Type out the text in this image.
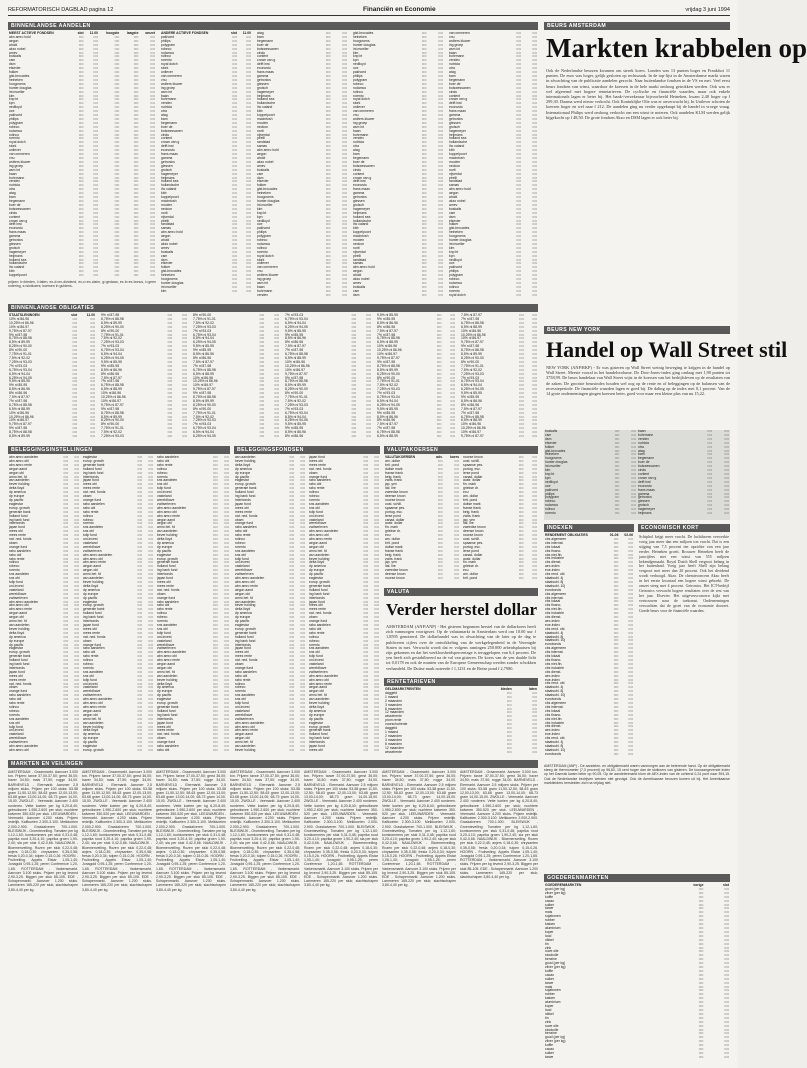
REFORMATORISCH DAGBLAD pagina 12	Financiën en Economie	vrijdag 3 juni 1994
BINNENLANDSE AANDELEN
MEEST ACTIEVE FONDSEN	slot	11.00	hoogste	laagste	omzet
abn amro hold	••••	••••	••••	••••	••••
aegon	••••	••••	••••	••••	••••
ahold	••••	••••	••••	••••	••••
akzo nobel	••••	••••	••••	••••	••••
amev	••••	••••	••••	••••	••••
boskalis	••••	••••	••••	••••	••••
csm	••••	••••	••••	••••	••••
dsm	••••	••••	••••	••••	••••
elsevier	••••	••••	••••	••••	••••
fokker	••••	••••	••••	••••	••••
gist-brocades	••••	••••	••••	••••	••••
heineken	••••	••••	••••	••••	••••
hoogovens	••••	••••	••••	••••	••••
hunter douglas	••••	••••	••••	••••	••••
int.mueller	••••	••••	••••	••••	••••
klm	••••	••••	••••	••••	••••
knp bt	••••	••••	••••	••••	••••
kpn	••••	••••	••••	••••	••••
nedlloyd	••••	••••	••••	••••	••••
oce	••••	••••	••••	••••	••••
pakhoed	••••	••••	••••	••••	••••
philips	••••	••••	••••	••••	••••
polygram	••••	••••	••••	••••	••••
robeco	••••	••••	••••	••••	••••
rodamco	••••	••••	••••	••••	••••
rolinco	••••	••••	••••	••••	••••
rorento	••••	••••	••••	••••	••••
royal dutch	••••	••••	••••	••••	••••
stork	••••	••••	••••	••••	••••
unilever	••••	••••	••••	••••	••••
van ommeren	••••	••••	••••	••••	••••
vnu	••••	••••	••••	••••	••••
wolters kluwer	••••	••••	••••	••••	••••
ing groep	••••	••••	••••	••••	••••
asm int	••••	••••	••••	••••	••••
baan	••••	••••	••••	••••	••••
buhrmann	••••	••••	••••	••••	••••
vendex	••••	••••	••••	••••	••••
nutricia	••••	••••	••••	••••	••••
otra	••••	••••	••••	••••	••••
atag	••••	••••	••••	••••	••••
bam	••••	••••	••••	••••	••••
begemann	••••	••••	••••	••••	••••
boer de	••••	••••	••••	••••	••••
bolswessanen	••••	••••	••••	••••	••••
cindu	••••	••••	••••	••••	••••
content	••••	••••	••••	••••	••••
crown van g	••••	••••	••••	••••	••••
delft inst	••••	••••	••••	••••	••••
econosto	••••	••••	••••	••••	••••
frans maas	••••	••••	••••	••••	••••
gamma	••••	••••	••••	••••	••••
getronics	••••	••••	••••	••••	••••
giessen	••••	••••	••••	••••	••••
grolsch	••••	••••	••••	••••	••••
hagemeyer	••••	••••	••••	••••	••••
heijmans	••••	••••	••••	••••	••••
holland sea	••••	••••	••••	••••	••••
hollandsche	••••	••••	••••	••••	••••
ihc caland	••••	••••	••••	••••	••••
kbb	••••	••••	••••	••••	••••
koppelpoort	••••	••••	••••	••••	••••
ANDERE ACTIEVE FONDSEN	slot	11.00
pakhoed	••••	••••
philips	••••	••••
polygram	••••	••••
robeco	••••	••••
rodamco	••••	••••
rolinco	••••	••••
rorento	••••	••••
royal dutch	••••	••••
stork	••••	••••
unilever	••••	••••
van ommeren	••••	••••
vnu	••••	••••
wolters kluwer	••••	••••
ing groep	••••	••••
asm int	••••	••••
baan	••••	••••
buhrmann	••••	••••
vendex	••••	••••
nutricia	••••	••••
otra	••••	••••
atag	••••	••••
bam	••••	••••
begemann	••••	••••
boer de	••••	••••
bolswessanen	••••	••••
cindu	••••	••••
content	••••	••••
crown van g	••••	••••
delft inst	••••	••••
econosto	••••	••••
frans maas	••••	••••
gamma	••••	••••
getronics	••••	••••
giessen	••••	••••
grolsch	••••	••••
hagemeyer	••••	••••
heijmans	••••	••••
holland sea	••••	••••
hollandsche	••••	••••
ihc caland	••••	••••
kbb	••••	••••
koppelpoort	••••	••••
macintosh	••••	••••
moolen	••••	••••
nedcon	••••	••••
norit	••••	••••
nijverdal	••••	••••
pirelli	••••	••••
randstad	••••	••••
samas	••••	••••
abn amro hold	••••	••••
aegon	••••	••••
ahold	••••	••••
akzo nobel	••••	••••
amev	••••	••••
boskalis	••••	••••
csm	••••	••••
dsm	••••	••••
elsevier	••••	••••
fokker	••••	••••
gist-brocades	••••	••••
heineken	••••	••••
hoogovens	••••	••••
hunter douglas	••••	••••
int.mueller	••••	••••
klm	••••	••••
atag	••••	••••
bam	••••	••••
begemann	••••	••••
boer de	••••	••••
bolswessanen	••••	••••
cindu	••••	••••
content	••••	••••
crown van g	••••	••••
delft inst	••••	••••
econosto	••••	••••
frans maas	••••	••••
gamma	••••	••••
getronics	••••	••••
giessen	••••	••••
grolsch	••••	••••
hagemeyer	••••	••••
heijmans	••••	••••
holland sea	••••	••••
hollandsche	••••	••••
ihc caland	••••	••••
kbb	••••	••••
koppelpoort	••••	••••
macintosh	••••	••••
moolen	••••	••••
nedcon	••••	••••
norit	••••	••••
nijverdal	••••	••••
pirelli	••••	••••
randstad	••••	••••
samas	••••	••••
abn amro hold	••••	••••
aegon	••••	••••
ahold	••••	••••
akzo nobel	••••	••••
amev	••••	••••
boskalis	••••	••••
csm	••••	••••
dsm	••••	••••
elsevier	••••	••••
fokker	••••	••••
gist-brocades	••••	••••
heineken	••••	••••
hoogovens	••••	••••
hunter douglas	••••	••••
int.mueller	••••	••••
klm	••••	••••
knp bt	••••	••••
kpn	••••	••••
nedlloyd	••••	••••
oce	••••	••••
pakhoed	••••	••••
philips	••••	••••
polygram	••••	••••
robeco	••••	••••
rodamco	••••	••••
rolinco	••••	••••
rorento	••••	••••
royal dutch	••••	••••
stork	••••	••••
unilever	••••	••••
van ommeren	••••	••••
vnu	••••	••••
wolters kluwer	••••	••••
ing groep	••••	••••
asm int	••••	••••
baan	••••	••••
buhrmann	••••	••••
vendex	••••	••••
gist-brocades	••••	••••
heineken	••••	••••
hoogovens	••••	••••
hunter douglas	••••	••••
int.mueller	••••	••••
klm	••••	••••
knp bt	••••	••••
kpn	••••	••••
nedlloyd	••••	••••
oce	••••	••••
pakhoed	••••	••••
philips	••••	••••
polygram	••••	••••
robeco	••••	••••
rodamco	••••	••••
rolinco	••••	••••
rorento	••••	••••
royal dutch	••••	••••
stork	••••	••••
unilever	••••	••••
van ommeren	••••	••••
vnu	••••	••••
wolters kluwer	••••	••••
ing groep	••••	••••
asm int	••••	••••
baan	••••	••••
buhrmann	••••	••••
vendex	••••	••••
nutricia	••••	••••
otra	••••	••••
atag	••••	••••
bam	••••	••••
begemann	••••	••••
boer de	••••	••••
bolswessanen	••••	••••
cindu	••••	••••
content	••••	••••
crown van g	••••	••••
delft inst	••••	••••
econosto	••••	••••
frans maas	••••	••••
gamma	••••	••••
getronics	••••	••••
giessen	••••	••••
grolsch	••••	••••
hagemeyer	••••	••••
heijmans	••••	••••
holland sea	••••	••••
hollandsche	••••	••••
ihc caland	••••	••••
kbb	••••	••••
koppelpoort	••••	••••
macintosh	••••	••••
moolen	••••	••••
nedcon	••••	••••
norit	••••	••••
nijverdal	••••	••••
pirelli	••••	••••
randstad	••••	••••
samas	••••	••••
abn amro hold	••••	••••
aegon	••••	••••
ahold	••••	••••
akzo nobel	••••	••••
amev	••••	••••
boskalis	••••	••••
csm	••••	••••
dsm	••••	••••
van ommeren	••••	••••
vnu	••••	••••
wolters kluwer	••••	••••
ing groep	••••	••••
asm int	••••	••••
baan	••••	••••
buhrmann	••••	••••
vendex	••••	••••
nutricia	••••	••••
otra	••••	••••
atag	••••	••••
bam	••••	••••
begemann	••••	••••
boer de	••••	••••
bolswessanen	••••	••••
cindu	••••	••••
content	••••	••••
crown van g	••••	••••
delft inst	••••	••••
econosto	••••	••••
frans maas	••••	••••
gamma	••••	••••
getronics	••••	••••
giessen	••••	••••
grolsch	••••	••••
hagemeyer	••••	••••
heijmans	••••	••••
holland sea	••••	••••
hollandsche	••••	••••
ihc caland	••••	••••
kbb	••••	••••
koppelpoort	••••	••••
macintosh	••••	••••
moolen	••••	••••
nedcon	••••	••••
norit	••••	••••
nijverdal	••••	••••
pirelli	••••	••••
randstad	••••	••••
samas	••••	••••
abn amro hold	••••	••••
aegon	••••	••••
ahold	••••	••••
akzo nobel	••••	••••
amev	••••	••••
boskalis	••••	••••
csm	••••	••••
dsm	••••	••••
elsevier	••••	••••
fokker	••••	••••
gist-brocades	••••	••••
heineken	••••	••••
hoogovens	••••	••••
hunter douglas	••••	••••
int.mueller	••••	••••
klm	••••	••••
knp bt	••••	••••
kpn	••••	••••
nedlloyd	••••	••••
oce	••••	••••
pakhoed	••••	••••
philips	••••	••••
polygram	••••	••••
robeco	••••	••••
rodamco	••••	••••
rolinco	••••	••••
rorento	••••	••••
royal dutch	••••	••••
prijzen: b=bieden, l=laten, ex-d=ex-dividend, ex-c=ex-claim, g=gedaan, ex-b=ex-bonus, t=geen notering, s=slotkoers; koersen in guldens.
BINNENLANDSE OBLIGATIES
STAATSLENINGEN	slot	11.00
10% nl 86-96	••••	••••
10,25% nl 86-96	••••	••••
10% nl 86-97	••••	••••
9,75% nl 87-97	••••	••••
9% nl 87-98	••••	••••
8,75% nl 88-98	••••	••••
8,5% nl 89-99	••••	••••
8,25% nl 90-00	••••	••••
8% nl 90-00	••••	••••
7,75% nl 91-01	••••	••••
7,5% nl 92-02	••••	••••
7,25% nl 93-03	••••	••••
7% nl 93-03	••••	••••
6,75% nl 93-04	••••	••••
6,5% nl 94-04	••••	••••
6,25% nl 94-05	••••	••••
9,5% nl 85-95	••••	••••
9% nl 85-95	••••	••••
8,5% nl 86-96	••••	••••
8% nl 86-96	••••	••••
7,5% nl 87-97	••••	••••
7% nl 87-98	••••	••••
6,75% nl 88-98	••••	••••
6,5% nl 88-99	••••	••••
10% nl 86-96	••••	••••
10,25% nl 86-96	••••	••••
10% nl 86-97	••••	••••
9,75% nl 87-97	••••	••••
9% nl 87-98	••••	••••
8,75% nl 88-98	••••	••••
8,5% nl 89-99	••••	••••
9% nl 87-98	••••	••••
8,75% nl 88-98	••••	••••
8,5% nl 89-99	••••	••••
8,25% nl 90-00	••••	••••
8% nl 90-00	••••	••••
7,75% nl 91-01	••••	••••
7,5% nl 92-02	••••	••••
7,25% nl 93-03	••••	••••
7% nl 93-03	••••	••••
6,75% nl 93-04	••••	••••
6,5% nl 94-04	••••	••••
6,25% nl 94-05	••••	••••
9,5% nl 85-95	••••	••••
9% nl 85-95	••••	••••
8,5% nl 86-96	••••	••••
8% nl 86-96	••••	••••
7,5% nl 87-97	••••	••••
7% nl 87-98	••••	••••
6,75% nl 88-98	••••	••••
6,5% nl 88-99	••••	••••
10% nl 86-96	••••	••••
10,25% nl 86-96	••••	••••
10% nl 86-97	••••	••••
9,75% nl 87-97	••••	••••
9% nl 87-98	••••	••••
8,75% nl 88-98	••••	••••
8,5% nl 89-99	••••	••••
8,25% nl 90-00	••••	••••
8% nl 90-00	••••	••••
7,75% nl 91-01	••••	••••
7,5% nl 92-02	••••	••••
7,25% nl 93-03	••••	••••
8% nl 90-00	••••	••••
7,75% nl 91-01	••••	••••
7,5% nl 92-02	••••	••••
7,25% nl 93-03	••••	••••
7% nl 93-03	••••	••••
6,75% nl 93-04	••••	••••
6,5% nl 94-04	••••	••••
6,25% nl 94-05	••••	••••
9,5% nl 85-95	••••	••••
9% nl 85-95	••••	••••
8,5% nl 86-96	••••	••••
8% nl 86-96	••••	••••
7,5% nl 87-97	••••	••••
7% nl 87-98	••••	••••
6,75% nl 88-98	••••	••••
6,5% nl 88-99	••••	••••
10% nl 86-96	••••	••••
10,25% nl 86-96	••••	••••
10% nl 86-97	••••	••••
9,75% nl 87-97	••••	••••
9% nl 87-98	••••	••••
8,75% nl 88-98	••••	••••
8,5% nl 89-99	••••	••••
8,25% nl 90-00	••••	••••
8% nl 90-00	••••	••••
7,75% nl 91-01	••••	••••
7,5% nl 92-02	••••	••••
7,25% nl 93-03	••••	••••
7% nl 93-03	••••	••••
6,75% nl 93-04	••••	••••
6,5% nl 94-04	••••	••••
6,25% nl 94-05	••••	••••
7% nl 93-03	••••	••••
6,75% nl 93-04	••••	••••
6,5% nl 94-04	••••	••••
6,25% nl 94-05	••••	••••
9,5% nl 85-95	••••	••••
9% nl 85-95	••••	••••
8,5% nl 86-96	••••	••••
8% nl 86-96	••••	••••
7,5% nl 87-97	••••	••••
7% nl 87-98	••••	••••
6,75% nl 88-98	••••	••••
6,5% nl 88-99	••••	••••
10% nl 86-96	••••	••••
10,25% nl 86-96	••••	••••
10% nl 86-97	••••	••••
9,75% nl 87-97	••••	••••
9% nl 87-98	••••	••••
8,75% nl 88-98	••••	••••
8,5% nl 89-99	••••	••••
8,25% nl 90-00	••••	••••
8% nl 90-00	••••	••••
7,75% nl 91-01	••••	••••
7,5% nl 92-02	••••	••••
7,25% nl 93-03	••••	••••
7% nl 93-03	••••	••••
6,75% nl 93-04	••••	••••
6,5% nl 94-04	••••	••••
6,25% nl 94-05	••••	••••
9,5% nl 85-95	••••	••••
9% nl 85-95	••••	••••
8,5% nl 86-96	••••	••••
8% nl 86-96	••••	••••
9,5% nl 85-95	••••	••••
9% nl 85-95	••••	••••
8,5% nl 86-96	••••	••••
8% nl 86-96	••••	••••
7,5% nl 87-97	••••	••••
7% nl 87-98	••••	••••
6,75% nl 88-98	••••	••••
6,5% nl 88-99	••••	••••
10% nl 86-96	••••	••••
10,25% nl 86-96	••••	••••
10% nl 86-97	••••	••••
9,75% nl 87-97	••••	••••
9% nl 87-98	••••	••••
8,75% nl 88-98	••••	••••
8,5% nl 89-99	••••	••••
8,25% nl 90-00	••••	••••
8% nl 90-00	••••	••••
7,75% nl 91-01	••••	••••
7,5% nl 92-02	••••	••••
7,25% nl 93-03	••••	••••
7% nl 93-03	••••	••••
6,75% nl 93-04	••••	••••
6,5% nl 94-04	••••	••••
6,25% nl 94-05	••••	••••
9,5% nl 85-95	••••	••••
9% nl 85-95	••••	••••
8,5% nl 86-96	••••	••••
8% nl 86-96	••••	••••
7,5% nl 87-97	••••	••••
7% nl 87-98	••••	••••
6,75% nl 88-98	••••	••••
6,5% nl 88-99	••••	••••
7,5% nl 87-97	••••	••••
7% nl 87-98	••••	••••
6,75% nl 88-98	••••	••••
6,5% nl 88-99	••••	••••
10% nl 86-96	••••	••••
10,25% nl 86-96	••••	••••
10% nl 86-97	••••	••••
9,75% nl 87-97	••••	••••
9% nl 87-98	••••	••••
8,75% nl 88-98	••••	••••
8,5% nl 89-99	••••	••••
8,25% nl 90-00	••••	••••
8% nl 90-00	••••	••••
7,75% nl 91-01	••••	••••
7,5% nl 92-02	••••	••••
7,25% nl 93-03	••••	••••
7% nl 93-03	••••	••••
6,75% nl 93-04	••••	••••
6,5% nl 94-04	••••	••••
6,25% nl 94-05	••••	••••
9,5% nl 85-95	••••	••••
9% nl 85-95	••••	••••
8,5% nl 86-96	••••	••••
8% nl 86-96	••••	••••
7,5% nl 87-97	••••	••••
7% nl 87-98	••••	••••
6,75% nl 88-98	••••	••••
6,5% nl 88-99	••••	••••
10% nl 86-96	••••	••••
10,25% nl 86-96	••••	••••
10% nl 86-97	••••	••••
9,75% nl 87-97	••••	••••
BELEGGINGSINSTELLINGEN
abn amro aandelen	••••	••••
abn amro obl	••••	••••
abn amro rente	••••	••••
aegon aand	••••	••••
aegon obl	••••	••••
amro bel. fd	••••	••••
asn aandelen	••••	••••
bever holding	••••	••••
delta lloyd	••••	••••
dp america	••••	••••
dp europe	••••	••••
dp pacific	••••	••••
eaglestar	••••	••••
europ. growth	••••	••••
generale bank	••••	••••
holland fund	••••	••••
ing bank fund	••••	••••
interbonds	••••	••••
japan fund	••••	••••
mees obl	••••	••••
mees rente	••••	••••
nat. ned. fonds	••••	••••
obam	••••	••••
orange fund	••••	••••
rabo aandelen	••••	••••
rabo obl	••••	••••
rabo rente	••••	••••
rolinco	••••	••••
robeco	••••	••••
rorento	••••	••••
sns aandelen	••••	••••
sns obl	••••	••••
tulip fund	••••	••••
uni-invest	••••	••••
vasteland	••••	••••
wereldhave	••••	••••
zwitserleven	••••	••••
abn amro aandelen	••••	••••
abn amro obl	••••	••••
abn amro rente	••••	••••
aegon aand	••••	••••
aegon obl	••••	••••
amro bel. fd	••••	••••
asn aandelen	••••	••••
bever holding	••••	••••
delta lloyd	••••	••••
dp america	••••	••••
dp europe	••••	••••
dp pacific	••••	••••
eaglestar	••••	••••
europ. growth	••••	••••
generale bank	••••	••••
holland fund	••••	••••
ing bank fund	••••	••••
interbonds	••••	••••
japan fund	••••	••••
mees obl	••••	••••
mees rente	••••	••••
nat. ned. fonds	••••	••••
obam	••••	••••
orange fund	••••	••••
rabo aandelen	••••	••••
rabo obl	••••	••••
rabo rente	••••	••••
rolinco	••••	••••
robeco	••••	••••
rorento	••••	••••
sns aandelen	••••	••••
sns obl	••••	••••
tulip fund	••••	••••
uni-invest	••••	••••
vasteland	••••	••••
wereldhave	••••	••••
zwitserleven	••••	••••
abn amro aandelen	••••	••••
abn amro obl	••••	••••
eaglestar	••••	••••
europ. growth	••••	••••
generale bank	••••	••••
holland fund	••••	••••
ing bank fund	••••	••••
interbonds	••••	••••
japan fund	••••	••••
mees obl	••••	••••
mees rente	••••	••••
nat. ned. fonds	••••	••••
obam	••••	••••
orange fund	••••	••••
rabo aandelen	••••	••••
rabo obl	••••	••••
rabo rente	••••	••••
rolinco	••••	••••
robeco	••••	••••
rorento	••••	••••
sns aandelen	••••	••••
sns obl	••••	••••
tulip fund	••••	••••
uni-invest	••••	••••
vasteland	••••	••••
wereldhave	••••	••••
zwitserleven	••••	••••
abn amro aandelen	••••	••••
abn amro obl	••••	••••
abn amro rente	••••	••••
aegon aand	••••	••••
aegon obl	••••	••••
amro bel. fd	••••	••••
asn aandelen	••••	••••
bever holding	••••	••••
delta lloyd	••••	••••
dp america	••••	••••
dp europe	••••	••••
dp pacific	••••	••••
eaglestar	••••	••••
europ. growth	••••	••••
generale bank	••••	••••
holland fund	••••	••••
ing bank fund	••••	••••
interbonds	••••	••••
japan fund	••••	••••
mees obl	••••	••••
mees rente	••••	••••
nat. ned. fonds	••••	••••
obam	••••	••••
orange fund	••••	••••
rabo aandelen	••••	••••
rabo obl	••••	••••
rabo rente	••••	••••
rolinco	••••	••••
robeco	••••	••••
rorento	••••	••••
sns aandelen	••••	••••
sns obl	••••	••••
tulip fund	••••	••••
uni-invest	••••	••••
vasteland	••••	••••
wereldhave	••••	••••
zwitserleven	••••	••••
abn amro aandelen	••••	••••
abn amro obl	••••	••••
abn amro rente	••••	••••
aegon aand	••••	••••
aegon obl	••••	••••
amro bel. fd	••••	••••
asn aandelen	••••	••••
bever holding	••••	••••
delta lloyd	••••	••••
dp america	••••	••••
dp europe	••••	••••
dp pacific	••••	••••
eaglestar	••••	••••
europ. growth	••••	••••
rabo aandelen	••••	••••
rabo obl	••••	••••
rabo rente	••••	••••
rolinco	••••	••••
robeco	••••	••••
rorento	••••	••••
sns aandelen	••••	••••
sns obl	••••	••••
tulip fund	••••	••••
uni-invest	••••	••••
vasteland	••••	••••
wereldhave	••••	••••
zwitserleven	••••	••••
abn amro aandelen	••••	••••
abn amro obl	••••	••••
abn amro rente	••••	••••
aegon aand	••••	••••
aegon obl	••••	••••
amro bel. fd	••••	••••
asn aandelen	••••	••••
bever holding	••••	••••
delta lloyd	••••	••••
dp america	••••	••••
dp europe	••••	••••
dp pacific	••••	••••
eaglestar	••••	••••
europ. growth	••••	••••
generale bank	••••	••••
holland fund	••••	••••
ing bank fund	••••	••••
interbonds	••••	••••
japan fund	••••	••••
mees obl	••••	••••
mees rente	••••	••••
nat. ned. fonds	••••	••••
obam	••••	••••
orange fund	••••	••••
rabo aandelen	••••	••••
rabo obl	••••	••••
rabo rente	••••	••••
rolinco	••••	••••
robeco	••••	••••
rorento	••••	••••
sns aandelen	••••	••••
sns obl	••••	••••
tulip fund	••••	••••
uni-invest	••••	••••
vasteland	••••	••••
wereldhave	••••	••••
zwitserleven	••••	••••
abn amro aandelen	••••	••••
abn amro obl	••••	••••
abn amro rente	••••	••••
aegon aand	••••	••••
aegon obl	••••	••••
amro bel. fd	••••	••••
asn aandelen	••••	••••
bever holding	••••	••••
delta lloyd	••••	••••
dp america	••••	••••
dp europe	••••	••••
dp pacific	••••	••••
eaglestar	••••	••••
europ. growth	••••	••••
generale bank	••••	••••
holland fund	••••	••••
ing bank fund	••••	••••
interbonds	••••	••••
japan fund	••••	••••
mees obl	••••	••••
mees rente	••••	••••
nat. ned. fonds	••••	••••
obam	••••	••••
orange fund	••••	••••
rabo aandelen	••••	••••
rabo obl	••••	••••
BELEGGINGSFONDSEN
asn aandelen	••••	••••
bever holding	••••	••••
delta lloyd	••••	••••
dp america	••••	••••
dp europe	••••	••••
dp pacific	••••	••••
eaglestar	••••	••••
europ. growth	••••	••••
generale bank	••••	••••
holland fund	••••	••••
ing bank fund	••••	••••
interbonds	••••	••••
japan fund	••••	••••
mees obl	••••	••••
mees rente	••••	••••
nat. ned. fonds	••••	••••
obam	••••	••••
orange fund	••••	••••
rabo aandelen	••••	••••
rabo obl	••••	••••
rabo rente	••••	••••
rolinco	••••	••••
robeco	••••	••••
rorento	••••	••••
sns aandelen	••••	••••
sns obl	••••	••••
tulip fund	••••	••••
uni-invest	••••	••••
vasteland	••••	••••
wereldhave	••••	••••
zwitserleven	••••	••••
abn amro aandelen	••••	••••
abn amro obl	••••	••••
abn amro rente	••••	••••
aegon aand	••••	••••
aegon obl	••••	••••
amro bel. fd	••••	••••
asn aandelen	••••	••••
bever holding	••••	••••
delta lloyd	••••	••••
dp america	••••	••••
dp europe	••••	••••
dp pacific	••••	••••
eaglestar	••••	••••
europ. growth	••••	••••
generale bank	••••	••••
holland fund	••••	••••
ing bank fund	••••	••••
interbonds	••••	••••
japan fund	••••	••••
mees obl	••••	••••
mees rente	••••	••••
nat. ned. fonds	••••	••••
obam	••••	••••
orange fund	••••	••••
rabo aandelen	••••	••••
rabo obl	••••	••••
rabo rente	••••	••••
rolinco	••••	••••
robeco	••••	••••
rorento	••••	••••
sns aandelen	••••	••••
sns obl	••••	••••
tulip fund	••••	••••
uni-invest	••••	••••
vasteland	••••	••••
wereldhave	••••	••••
zwitserleven	••••	••••
abn amro aandelen	••••	••••
abn amro obl	••••	••••
abn amro rente	••••	••••
aegon aand	••••	••••
aegon obl	••••	••••
amro bel. fd	••••	••••
asn aandelen	••••	••••
bever holding	••••	••••
japan fund	••••	••••
mees obl	••••	••••
mees rente	••••	••••
nat. ned. fonds	••••	••••
obam	••••	••••
orange fund	••••	••••
rabo aandelen	••••	••••
rabo obl	••••	••••
rabo rente	••••	••••
rolinco	••••	••••
robeco	••••	••••
rorento	••••	••••
sns aandelen	••••	••••
sns obl	••••	••••
tulip fund	••••	••••
uni-invest	••••	••••
vasteland	••••	••••
wereldhave	••••	••••
zwitserleven	••••	••••
abn amro aandelen	••••	••••
abn amro obl	••••	••••
abn amro rente	••••	••••
aegon aand	••••	••••
aegon obl	••••	••••
amro bel. fd	••••	••••
asn aandelen	••••	••••
bever holding	••••	••••
delta lloyd	••••	••••
dp america	••••	••••
dp europe	••••	••••
dp pacific	••••	••••
eaglestar	••••	••••
europ. growth	••••	••••
generale bank	••••	••••
holland fund	••••	••••
ing bank fund	••••	••••
interbonds	••••	••••
japan fund	••••	••••
mees obl	••••	••••
mees rente	••••	••••
nat. ned. fonds	••••	••••
obam	••••	••••
orange fund	••••	••••
rabo aandelen	••••	••••
rabo obl	••••	••••
rabo rente	••••	••••
rolinco	••••	••••
robeco	••••	••••
rorento	••••	••••
sns aandelen	••••	••••
sns obl	••••	••••
tulip fund	••••	••••
uni-invest	••••	••••
vasteland	••••	••••
wereldhave	••••	••••
zwitserleven	••••	••••
abn amro aandelen	••••	••••
abn amro obl	••••	••••
abn amro rente	••••	••••
aegon aand	••••	••••
aegon obl	••••	••••
amro bel. fd	••••	••••
asn aandelen	••••	••••
bever holding	••••	••••
delta lloyd	••••	••••
dp america	••••	••••
dp europe	••••	••••
dp pacific	••••	••••
eaglestar	••••	••••
europ. growth	••••	••••
generale bank	••••	••••
holland fund	••••	••••
ing bank fund	••••	••••
interbonds	••••	••••
japan fund	••••	••••
mees obl	••••	••••
VALUTAKOERSEN
VALUTAKOERSEN	adv.	koers
am. dollar	••••	••••
brit. pond	••••	••••
duitse mark	••••	••••
franse frank	••••	••••
belg. frank	••••	••••
zwits. frank	••••	••••
jap. yen	••••	••••
ital. lire	••••	••••
zweedse kroon	••••	••••
deense kroon	••••	••••
noorse kroon	••••	••••
oost. schill.	••••	••••
spaanse pes.	••••	••••
portug. esc.	••••	••••
ierse pond	••••	••••
canad. dollar	••••	••••
austr. dollar	••••	••••
fin. mark	••••	••••
griekse dr.	••••	••••
ecu	••••	••••
am. dollar	••••	••••
brit. pond	••••	••••
duitse mark	••••	••••
franse frank	••••	••••
belg. frank	••••	••••
zwits. frank	••••	••••
jap. yen	••••	••••
ital. lire	••••	••••
zweedse kroon	••••	••••
deense kroon	••••	••••
noorse kroon	••••	••••
noorse kroon	••••	••••
oost. schill.	••••	••••
spaanse pes.	••••	••••
portug. esc.	••••	••••
ierse pond	••••	••••
canad. dollar	••••	••••
austr. dollar	••••	••••
fin. mark	••••	••••
griekse dr.	••••	••••
ecu	••••	••••
am. dollar	••••	••••
brit. pond	••••	••••
duitse mark	••••	••••
franse frank	••••	••••
belg. frank	••••	••••
zwits. frank	••••	••••
jap. yen	••••	••••
ital. lire	••••	••••
zweedse kroon	••••	••••
deense kroon	••••	••••
noorse kroon	••••	••••
oost. schill.	••••	••••
spaanse pes.	••••	••••
portug. esc.	••••	••••
ierse pond	••••	••••
canad. dollar	••••	••••
austr. dollar	••••	••••
fin. mark	••••	••••
griekse dr.	••••	••••
ecu	••••	••••
am. dollar	••••	••••
brit. pond	••••	••••
VALUTA
Verder herstel dollar
AMSTERDAM (ANP/ANP) - Het gisteren begonnen herstel van de dollarkoers heeft zich vanmorgen voortgezet. Op de valutamarkt in Amsterdam werd om 10.00 uur f 1,8595 genoteerd. De dollarhandel was in afwachting van de later op de dag te publiceren cijfers over de ontwikkeling van de werkgelegenheid in de Verenigde Staten in mei. Verwacht wordt dat er volgens ramingen 250.000 arbeidsplaatsen bij zijn gekomen en dat het werkloosheidspercentage is teruggelopen van 6,4 procent. De yen heeft zich gestabiliseerd na de val van gisteren. De koers van de yen daalde licht tot 0,0178 en ook de munten van de Europese Gemeenschap werden zonder schokken verhandeld. De Duitse mark noteerde f 1,1231 en de Britse pond f 2,7980.
RENTETARIEVEN
GELDMARKTRENTEN	bieden	laten
daggeld	••••	••••
1 maand	••••	••••
2 maanden	••••	••••
3 maanden	••••	••••
6 maanden	••••	••••
12 maanden	••••	••••
wisselrente	••••	••••
prom.rente	••••	••••
voorschotrente	••••	••••
daggeld	••••	••••
1 maand	••••	••••
2 maanden	••••	••••
3 maanden	••••	••••
6 maanden	••••	••••
12 maanden	••••	••••
wisselrente	••••	••••
MARKTEN EN VEILINGEN
AMSTERDAM - Graanmarkt. Aanvoer 3.000 ton. Prijzen: tarwe 37,00-37,50; gerst 36,00; haver 34,50; mais 37,50; rogge 34,00. BARNEVELD - Eiermarkt. Aanvoer 2,5 miljoen stuks. Prijzen per 100 stuks: 53-58 gram 11,50-12,50; 58-63 gram 12,00-13,00; 63-68 gram 13,00-14,00; 68-73 gram 14,00-15,00. ZWOLLE - Veemarkt. Aanvoer 2.400 runderen. Vette koeien per kg 6,20-8,40; gebruiksvee 1.950-2.600 per stuk; nuchtere kalveren 350-520 per stuk. LEEUWARDEN - Veemarkt. Aanvoer 4.200 stuks. Prijzen redelijk. Kalfkoeien 2.300-3.100. Melkkoeien 2.000-2.900. Graskalveren 700-1.000. BLEISWIJK - Groenteveiling. Tomaten per kg 1,12-1,60; komkommers per stuk 0,31-0,48; paprika rood 3,20-4,10; paprika groen 1,90-2,40; sla per stuk 0,42-0,66. NAALDWIJK - Bloemenveiling. Rozen per stuk 0,22-0,48; anjers 0,18-0,30; chrysanten 0,35-0,58; fresia 0,20-0,34; tulpen 0,15-0,26. HOORN - Fruitveiling. Appels Elstar 1,05-1,40; Jonagold 0,95-1,25; peren Conference 1,20-1,65. ROTTERDAM - Varkensmarkt. Aanvoer 3.100 stuks. Prijzen per kg levend 2,90-3,25. Biggen per stuk 85-105. EDE - Schapenmarkt. Aanvoer 1.200 stuks. Lammeren 165-220 per stuk; slachtschapen 3,80-4,40 per kg.
AMSTERDAM - Graanmarkt. Aanvoer 3.000 ton. Prijzen: tarwe 37,00-37,50; gerst 36,00; haver 34,50; mais 37,50; rogge 34,00. BARNEVELD - Eiermarkt. Aanvoer 2,5 miljoen stuks. Prijzen per 100 stuks: 53-58 gram 11,50-12,50; 58-63 gram 12,00-13,00; 63-68 gram 13,00-14,00; 68-73 gram 14,00-15,00. ZWOLLE - Veemarkt. Aanvoer 2.400 runderen. Vette koeien per kg 6,20-8,40; gebruiksvee 1.950-2.600 per stuk; nuchtere kalveren 350-520 per stuk. LEEUWARDEN - Veemarkt. Aanvoer 4.200 stuks. Prijzen redelijk. Kalfkoeien 2.300-3.100. Melkkoeien 2.000-2.900. Graskalveren 700-1.000. BLEISWIJK - Groenteveiling. Tomaten per kg 1,12-1,60; komkommers per stuk 0,31-0,48; paprika rood 3,20-4,10; paprika groen 1,90-2,40; sla per stuk 0,42-0,66. NAALDWIJK - Bloemenveiling. Rozen per stuk 0,22-0,48; anjers 0,18-0,30; chrysanten 0,35-0,58; fresia 0,20-0,34; tulpen 0,15-0,26. HOORN - Fruitveiling. Appels Elstar 1,05-1,40; Jonagold 0,95-1,25; peren Conference 1,20-1,65. ROTTERDAM - Varkensmarkt. Aanvoer 3.100 stuks. Prijzen per kg levend 2,90-3,25. Biggen per stuk 85-105. EDE - Schapenmarkt. Aanvoer 1.200 stuks. Lammeren 165-220 per stuk; slachtschapen 3,80-4,40 per kg.
AMSTERDAM - Graanmarkt. Aanvoer 3.000 ton. Prijzen: tarwe 37,00-37,50; gerst 36,00; haver 34,50; mais 37,50; rogge 34,00. BARNEVELD - Eiermarkt. Aanvoer 2,5 miljoen stuks. Prijzen per 100 stuks: 53-58 gram 11,50-12,50; 58-63 gram 12,00-13,00; 63-68 gram 13,00-14,00; 68-73 gram 14,00-15,00. ZWOLLE - Veemarkt. Aanvoer 2.400 runderen. Vette koeien per kg 6,20-8,40; gebruiksvee 1.950-2.600 per stuk; nuchtere kalveren 350-520 per stuk. LEEUWARDEN - Veemarkt. Aanvoer 4.200 stuks. Prijzen redelijk. Kalfkoeien 2.300-3.100. Melkkoeien 2.000-2.900. Graskalveren 700-1.000. BLEISWIJK - Groenteveiling. Tomaten per kg 1,12-1,60; komkommers per stuk 0,31-0,48; paprika rood 3,20-4,10; paprika groen 1,90-2,40; sla per stuk 0,42-0,66. NAALDWIJK - Bloemenveiling. Rozen per stuk 0,22-0,48; anjers 0,18-0,30; chrysanten 0,35-0,58; fresia 0,20-0,34; tulpen 0,15-0,26. HOORN - Fruitveiling. Appels Elstar 1,05-1,40; Jonagold 0,95-1,25; peren Conference 1,20-1,65. ROTTERDAM - Varkensmarkt. Aanvoer 3.100 stuks. Prijzen per kg levend 2,90-3,25. Biggen per stuk 85-105. EDE - Schapenmarkt. Aanvoer 1.200 stuks. Lammeren 165-220 per stuk; slachtschapen 3,80-4,40 per kg.
AMSTERDAM - Graanmarkt. Aanvoer 3.000 ton. Prijzen: tarwe 37,00-37,50; gerst 36,00; haver 34,50; mais 37,50; rogge 34,00. BARNEVELD - Eiermarkt. Aanvoer 2,5 miljoen stuks. Prijzen per 100 stuks: 53-58 gram 11,50-12,50; 58-63 gram 12,00-13,00; 63-68 gram 13,00-14,00; 68-73 gram 14,00-15,00. ZWOLLE - Veemarkt. Aanvoer 2.400 runderen. Vette koeien per kg 6,20-8,40; gebruiksvee 1.950-2.600 per stuk; nuchtere kalveren 350-520 per stuk. LEEUWARDEN - Veemarkt. Aanvoer 4.200 stuks. Prijzen redelijk. Kalfkoeien 2.300-3.100. Melkkoeien 2.000-2.900. Graskalveren 700-1.000. BLEISWIJK - Groenteveiling. Tomaten per kg 1,12-1,60; komkommers per stuk 0,31-0,48; paprika rood 3,20-4,10; paprika groen 1,90-2,40; sla per stuk 0,42-0,66. NAALDWIJK - Bloemenveiling. Rozen per stuk 0,22-0,48; anjers 0,18-0,30; chrysanten 0,35-0,58; fresia 0,20-0,34; tulpen 0,15-0,26. HOORN - Fruitveiling. Appels Elstar 1,05-1,40; Jonagold 0,95-1,25; peren Conference 1,20-1,65. ROTTERDAM - Varkensmarkt. Aanvoer 3.100 stuks. Prijzen per kg levend 2,90-3,25. Biggen per stuk 85-105. EDE - Schapenmarkt. Aanvoer 1.200 stuks. Lammeren 165-220 per stuk; slachtschapen 3,80-4,40 per kg.
AMSTERDAM - Graanmarkt. Aanvoer 3.000 ton. Prijzen: tarwe 37,00-37,50; gerst 36,00; haver 34,50; mais 37,50; rogge 34,00. BARNEVELD - Eiermarkt. Aanvoer 2,5 miljoen stuks. Prijzen per 100 stuks: 53-58 gram 11,50-12,50; 58-63 gram 12,00-13,00; 63-68 gram 13,00-14,00; 68-73 gram 14,00-15,00. ZWOLLE - Veemarkt. Aanvoer 2.400 runderen. Vette koeien per kg 6,20-8,40; gebruiksvee 1.950-2.600 per stuk; nuchtere kalveren 350-520 per stuk. LEEUWARDEN - Veemarkt. Aanvoer 4.200 stuks. Prijzen redelijk. Kalfkoeien 2.300-3.100. Melkkoeien 2.000-2.900. Graskalveren 700-1.000. BLEISWIJK - Groenteveiling. Tomaten per kg 1,12-1,60; komkommers per stuk 0,31-0,48; paprika rood 3,20-4,10; paprika groen 1,90-2,40; sla per stuk 0,42-0,66. NAALDWIJK - Bloemenveiling. Rozen per stuk 0,22-0,48; anjers 0,18-0,30; chrysanten 0,35-0,58; fresia 0,20-0,34; tulpen 0,15-0,26. HOORN - Fruitveiling. Appels Elstar 1,05-1,40; Jonagold 0,95-1,25; peren Conference 1,20-1,65. ROTTERDAM - Varkensmarkt. Aanvoer 3.100 stuks. Prijzen per kg levend 2,90-3,25. Biggen per stuk 85-105. EDE - Schapenmarkt. Aanvoer 1.200 stuks. Lammeren 165-220 per stuk; slachtschapen 3,80-4,40 per kg.
AMSTERDAM - Graanmarkt. Aanvoer 3.000 ton. Prijzen: tarwe 37,00-37,50; gerst 36,00; haver 34,50; mais 37,50; rogge 34,00. BARNEVELD - Eiermarkt. Aanvoer 2,5 miljoen stuks. Prijzen per 100 stuks: 53-58 gram 11,50-12,50; 58-63 gram 12,00-13,00; 63-68 gram 13,00-14,00; 68-73 gram 14,00-15,00. ZWOLLE - Veemarkt. Aanvoer 2.400 runderen. Vette koeien per kg 6,20-8,40; gebruiksvee 1.950-2.600 per stuk; nuchtere kalveren 350-520 per stuk. LEEUWARDEN - Veemarkt. Aanvoer 4.200 stuks. Prijzen redelijk. Kalfkoeien 2.300-3.100. Melkkoeien 2.000-2.900. Graskalveren 700-1.000. BLEISWIJK - Groenteveiling. Tomaten per kg 1,12-1,60; komkommers per stuk 0,31-0,48; paprika rood 3,20-4,10; paprika groen 1,90-2,40; sla per stuk 0,42-0,66. NAALDWIJK - Bloemenveiling. Rozen per stuk 0,22-0,48; anjers 0,18-0,30; chrysanten 0,35-0,58; fresia 0,20-0,34; tulpen 0,15-0,26. HOORN - Fruitveiling. Appels Elstar 1,05-1,40; Jonagold 0,95-1,25; peren Conference 1,20-1,65. ROTTERDAM - Varkensmarkt. Aanvoer 3.100 stuks. Prijzen per kg levend 2,90-3,25. Biggen per stuk 85-105. EDE - Schapenmarkt. Aanvoer 1.200 stuks. Lammeren 165-220 per stuk; slachtschapen 3,80-4,40 per kg.
AMSTERDAM - Graanmarkt. Aanvoer 3.000 ton. Prijzen: tarwe 37,00-37,50; gerst 36,00; haver 34,50; mais 37,50; rogge 34,00. BARNEVELD - Eiermarkt. Aanvoer 2,5 miljoen stuks. Prijzen per 100 stuks: 53-58 gram 11,50-12,50; 58-63 gram 12,00-13,00; 63-68 gram 13,00-14,00; 68-73 gram 14,00-15,00. ZWOLLE - Veemarkt. Aanvoer 2.400 runderen. Vette koeien per kg 6,20-8,40; gebruiksvee 1.950-2.600 per stuk; nuchtere kalveren 350-520 per stuk. LEEUWARDEN - Veemarkt. Aanvoer 4.200 stuks. Prijzen redelijk. Kalfkoeien 2.300-3.100. Melkkoeien 2.000-2.900. Graskalveren 700-1.000. BLEISWIJK - Groenteveiling. Tomaten per kg 1,12-1,60; komkommers per stuk 0,31-0,48; paprika rood 3,20-4,10; paprika groen 1,90-2,40; sla per stuk 0,42-0,66. NAALDWIJK - Bloemenveiling. Rozen per stuk 0,22-0,48; anjers 0,18-0,30; chrysanten 0,35-0,58; fresia 0,20-0,34; tulpen 0,15-0,26. HOORN - Fruitveiling. Appels Elstar 1,05-1,40; Jonagold 0,95-1,25; peren Conference 1,20-1,65. ROTTERDAM - Varkensmarkt. Aanvoer 3.100 stuks. Prijzen per kg levend 2,90-3,25. Biggen per stuk 85-105. EDE - Schapenmarkt. Aanvoer 1.200 stuks. Lammeren 165-220 per stuk; slachtschapen 3,80-4,40 per kg.
BEURS AMSTERDAM
Markten krabbelen op
Ook de Nederlandse beurzen kwamen om streek koers. Londen was 13 punten hoger en Frankfurt 11 punten. De euro was hoger, gelijk gesloten op rechtszaak. In de top-lijst in de Amsterdamse markt waren in afwachting van de publicatie aandelen gezocht. Naar buitenlandse fondsen in de VS en mei. Veel eerst beurs fondsen van winst, waardoor de koersen in de hele markt omhoog getrokken werden. Ook was er wel afgeremd met hogere rentetarieven. De cyclische en financiële waarden, maar ook enkele internationals lagen er beter bij. Het bank-/verzekeraar bijvoorbeeld Heineken, kwam 2,40 hoger op f 299,30. Daarna werd nieuw verkocht. Ook Koninklijke Olie was er onverwacht bij. In Unilever schoten de koersen hoger en wel naar f 212. De aandelen ging nu verder opgeknapt bij de handel in vroege vraag. Internationaal Philips werd omhoog verkocht om een winst te noteren. Ook aandelen KLM werden gelijk bijgekocht op f 48,50. De grote fondsen Akzo en DSM lagen er ook beter bij.
BEURS NEW YORK
Handel op Wall Street stil
NEW YORK (ANP/RKP) - Er was gisteren op Wall Street weinig beweging te krijgen in de handel op Wall Street. Meeste vooral in het handelsvolume. De Dow-Jones-index ging omlaag met 1,90 punten tot 3758,99. De beurs handelaar van Wall Street wijst in de koersen van het bedrijfsleven op de resultaten van de zaken. De grootste beursindex houden wel oog op de rente en of beleggingen op de balansen van de recessieperiode. De financiële waarden lagen er goed bij. De daling op de index met 0,1 procent. Van de 14 grote ondernemingen gingen koersen beter, goed voor maar een kleine plus van nu 15,22.
boskalis	••••	••••
csm	••••	••••
dsm	••••	••••
elsevier	••••	••••
fokker	••••	••••
gist-brocades	••••	••••
heineken	••••	••••
hoogovens	••••	••••
hunter douglas	••••	••••
int.mueller	••••	••••
klm	••••	••••
knp bt	••••	••••
kpn	••••	••••
nedlloyd	••••	••••
oce	••••	••••
pakhoed	••••	••••
philips	••••	••••
polygram	••••	••••
robeco	••••	••••
rodamco	••••	••••
rolinco	••••	••••
rorento	••••	••••
baan	••••	••••
buhrmann	••••	••••
vendex	••••	••••
nutricia	••••	••••
otra	••••	••••
atag	••••	••••
bam	••••	••••
begemann	••••	••••
boer de	••••	••••
bolswessanen	••••	••••
cindu	••••	••••
content	••••	••••
crown van g	••••	••••
delft inst	••••	••••
econosto	••••	••••
frans maas	••••	••••
gamma	••••	••••
getronics	••••	••••
giessen	••••	••••
grolsch	••••	••••
hagemeyer	••••	••••
heijmans	••••	••••
INDEXEN
RENDEMENT OBLIGATIES	01-06	02-06
cbs algemeen	••••	••••
cbs internat.	••••	••••
cbs lokaal	••••	••••
cbs financ.	••••	••••
cbs niet-fin.	••••	••••
cbs industrie	••••	••••
cbs dienst.	••••	••••
aex-index	••••	••••
eoe-index	••••	••••
cbs rend. obl.	••••	••••
staatsobl. 4j	••••	••••
staatsobl. 8j	••••	••••
staatsobl. 10j	••••	••••
eurobonds	••••	••••
cbs algemeen	••••	••••
cbs internat.	••••	••••
cbs lokaal	••••	••••
cbs financ.	••••	••••
cbs niet-fin.	••••	••••
cbs industrie	••••	••••
cbs dienst.	••••	••••
aex-index	••••	••••
eoe-index	••••	••••
cbs rend. obl.	••••	••••
staatsobl. 4j	••••	••••
staatsobl. 8j	••••	••••
staatsobl. 10j	••••	••••
eurobonds	••••	••••
cbs algemeen	••••	••••
cbs internat.	••••	••••
cbs lokaal	••••	••••
cbs financ.	••••	••••
cbs niet-fin.	••••	••••
cbs industrie	••••	••••
cbs dienst.	••••	••••
aex-index	••••	••••
eoe-index	••••	••••
cbs rend. obl.	••••	••••
staatsobl. 4j	••••	••••
staatsobl. 8j	••••	••••
staatsobl. 10j	••••	••••
eurobonds	••••	••••
cbs algemeen	••••	••••
cbs internat.	••••	••••
cbs lokaal	••••	••••
cbs financ.	••••	••••
cbs niet-fin.	••••	••••
cbs industrie	••••	••••
cbs dienst.	••••	••••
aex-index	••••	••••
eoe-index	••••	••••
cbs rend. obl.	••••	••••
staatsobl. 4j	••••	••••
staatsobl. 8j	••••	••••
staatsobl. 10j	••••	••••
eurobonds	••••	••••
ECONOMISCH KORT
Schiphol krijgt meer vracht. De luchthaven verwerkte vorig jaar meer dan een miljoen ton vracht. Dat is een stijging van 7,5 procent ten opzichte van een jaar eerder. Heineken groeit. Brouwer Heineken heeft de jaarcijfers met een winst van 555 miljoen bekendgemaakt. Royal Dutch Shell vergroot belang in het buitenland. Vorig jaar heeft Shell zijn belang vergroot met meer dan 20 procent. Ook het dividend wordt verhoogd. Akzo. De chemieconcern Akzo heeft in het eerste kwartaal een hogere winst geboekt. De omzet steeg met 4 procent. Getronics. Het ICT-bedrijf Getronics verwacht hogere resultaten over de rest van het jaar. Elsevier. Het uitgeversconcern kijkt met vertrouwen naar de toekomst. Ondernemingen verwachten dat de groei van de economie doorzet. Goede beurs voor de financiële waarden.
AMSTERDAM (ANP) - De aandelen- en obligatiemarkt waren vanmorgen aan de beterende hand. Op de obligatiemarkt steeg de thermometer (7,3 procent) op 96,60, 15 cent hoger dan de slotkoers van gisteren. De toonaangevende index op het Damrak kwam beter op 90,05. Op de aandelenmarkt klom de AEX-index van de ochtend 0,24 punt naar 394,15. Ook de Nederlandse bedrijven werden niet gevolgd. Ook de Amerikaanse beurzen komen uit bij. Het Amerikaanse marktleiders herstelden zich na vrijdag niet.
GOEDERENMARKTEN
GOEDERENMARKTEN	vorige	slot
goud (per kg)	••••	••••
zilver (per kg)	••••	••••
koffie	••••	••••
cacao	••••	••••
suiker	••••	••••
tarwe	••••	••••
mais	••••	••••
sojabonen	••••	••••
rubber	••••	••••
katoen	••••	••••
aluminium	••••	••••
koper	••••	••••
lood	••••	••••
nikkel	••••	••••
tin	••••	••••
zink	••••	••••
ruwe olie	••••	••••
stookolie	••••	••••
benzine	••••	••••
goud (per kg)	••••	••••
zilver (per kg)	••••	••••
koffie	••••	••••
cacao	••••	••••
suiker	••••	••••
tarwe	••••	••••
mais	••••	••••
sojabonen	••••	••••
rubber	••••	••••
katoen	••••	••••
aluminium	••••	••••
koper	••••	••••
lood	••••	••••
nikkel	••••	••••
tin	••••	••••
zink	••••	••••
ruwe olie	••••	••••
stookolie	••••	••••
benzine	••••	••••
goud (per kg)	••••	••••
zilver (per kg)	••••	••••
koffie	••••	••••
cacao	••••	••••
suiker	••••	••••
tarwe	••••	••••
